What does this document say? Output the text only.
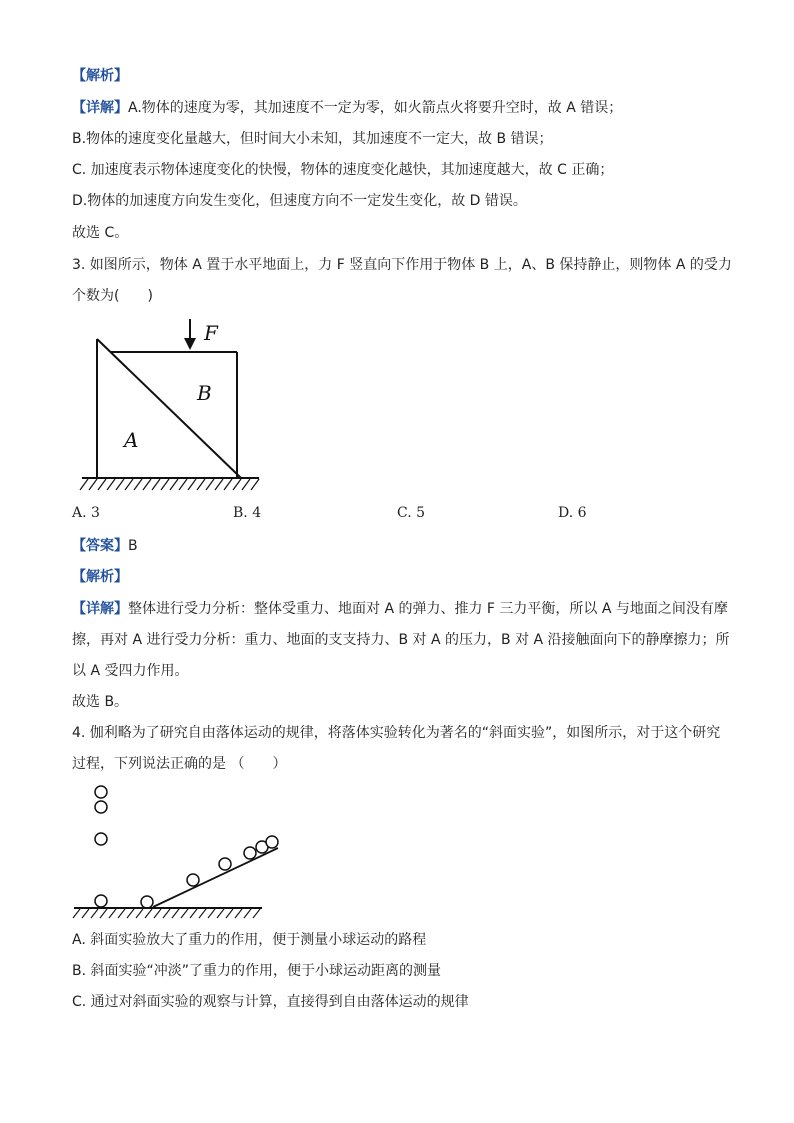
【解析】
【详解】A.物体的速度为零，其加速度不一定为零，如火箭点火将要升空时，故 A 错误；
B.物体的速度变化量越大，但时间大小未知，其加速度不一定大，故 B 错误；
C. 加速度表示物体速度变化的快慢，物体的速度变化越快，其加速度越大，故 C 正确；
D.物体的加速度方向发生变化，但速度方向不一定发生变化，故 D 错误。
故选 C。
3. 如图所示，物体 A 置于水平地面上，力 F 竖直向下作用于物体 B 上，A、B 保持静止，则物体 A 的受力
个数为(　　)
F
B
A
A. 3	B. 4	C. 5	D. 6
【答案】B
【解析】
【详解】整体进行受力分析：整体受重力、地面对 A 的弹力、推力 F 三力平衡，所以 A 与地面之间没有摩
擦，再对 A 进行受力分析：重力、地面的支支持力、B 对 A 的压力，B 对 A 沿接触面向下的静摩擦力；所
以 A 受四力作用。
故选 B。
4. 伽利略为了研究自由落体运动的规律，将落体实验转化为著名的“斜面实验”，如图所示，对于这个研究
过程，下列说法正确的是 （　　）
A. 斜面实验放大了重力的作用，便于测量小球运动的路程
B. 斜面实验“冲淡”了重力的作用，便于小球运动距离的测量
C. 通过对斜面实验的观察与计算，直接得到自由落体运动的规律
